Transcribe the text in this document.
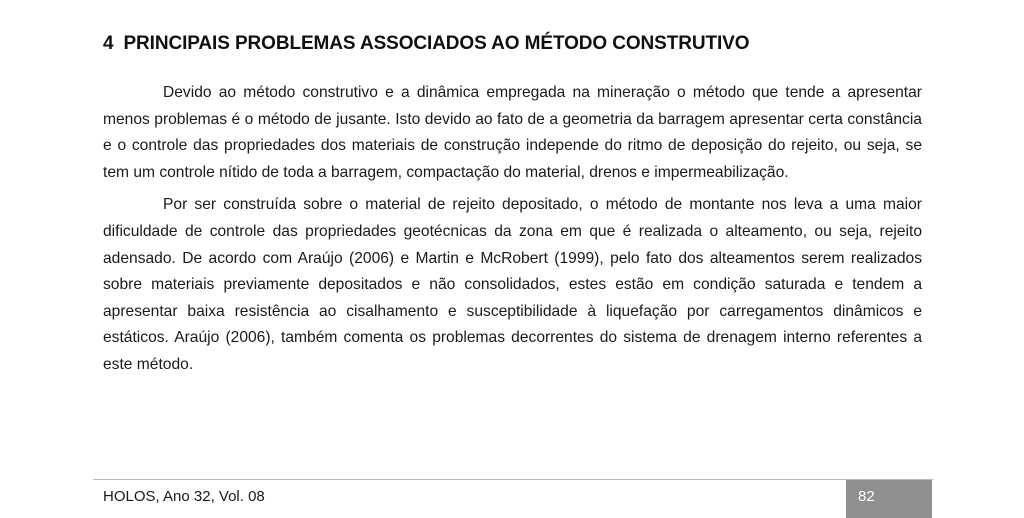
4 PRINCIPAIS PROBLEMAS ASSOCIADOS AO MÉTODO CONSTRUTIVO

Devido ao método construtivo e a dinâmica empregada na mineração o método que tende a apresentar menos problemas é o método de jusante. Isto devido ao fato de a geometria da barragem apresentar certa constância e o controle das propriedades dos materiais de construção independe do ritmo de deposição do rejeito, ou seja, se tem um controle nítido de toda a barragem, compactação do material, drenos e impermeabilização.

Por ser construída sobre o material de rejeito depositado, o método de montante nos leva a uma maior dificuldade de controle das propriedades geotécnicas da zona em que é realizada o alteamento, ou seja, rejeito adensado. De acordo com Araújo (2006) e Martin e McRobert (1999), pelo fato dos alteamentos serem realizados sobre materiais previamente depositados e não consolidados, estes estão em condição saturada e tendem a apresentar baixa resistência ao cisalhamento e susceptibilidade à liquefação por carregamentos dinâmicos e estáticos. Araújo (2006), também comenta os problemas decorrentes do sistema de drenagem interno referentes a este método.

HOLOS, Ano 32, Vol. 08	82
